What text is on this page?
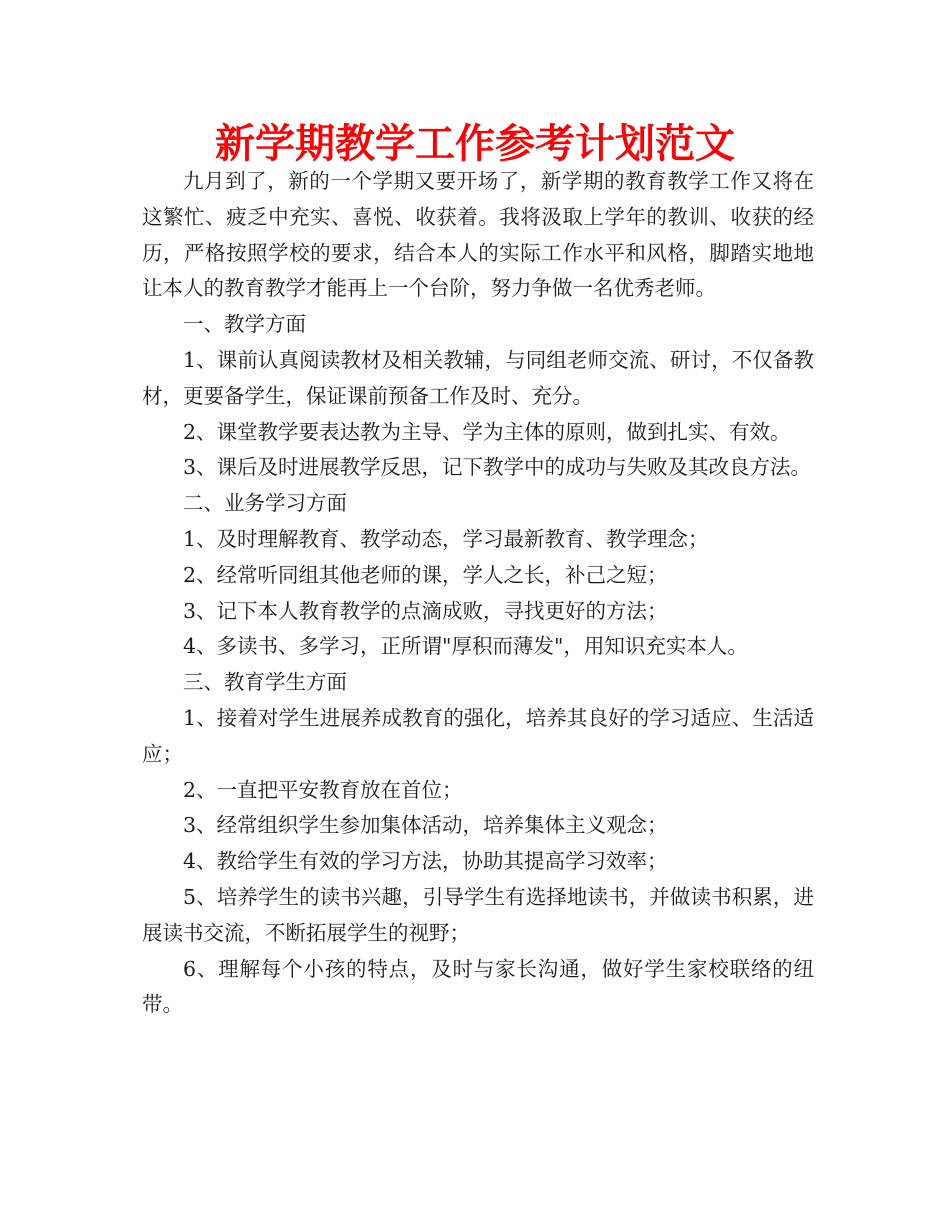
新学期教学工作参考计划范文

九月到了，新的一个学期又要开场了，新学期的教育教学工作又将在这繁忙、疲乏中充实、喜悦、收获着。我将汲取上学年的教训、收获的经历，严格按照学校的要求，结合本人的实际工作水平和风格，脚踏实地地让本人的教育教学才能再上一个台阶，努力争做一名优秀老师。

一、教学方面

1、课前认真阅读教材及相关教辅，与同组老师交流、研讨，不仅备教材，更要备学生，保证课前预备工作及时、充分。

2、课堂教学要表达教为主导、学为主体的原则，做到扎实、有效。

3、课后及时进展教学反思，记下教学中的成功与失败及其改良方法。

二、业务学习方面

1、及时理解教育、教学动态，学习最新教育、教学理念；

2、经常听同组其他老师的课，学人之长，补己之短；

3、记下本人教育教学的点滴成败，寻找更好的方法；

4、多读书、多学习，正所谓"厚积而薄发"，用知识充实本人。

三、教育学生方面

1、接着对学生进展养成教育的强化，培养其良好的学习适应、生活适应；

2、一直把平安教育放在首位；

3、经常组织学生参加集体活动，培养集体主义观念；

4、教给学生有效的学习方法，协助其提高学习效率；

5、培养学生的读书兴趣，引导学生有选择地读书，并做读书积累，进展读书交流，不断拓展学生的视野；

6、理解每个小孩的特点，及时与家长沟通，做好学生家校联络的纽带。
